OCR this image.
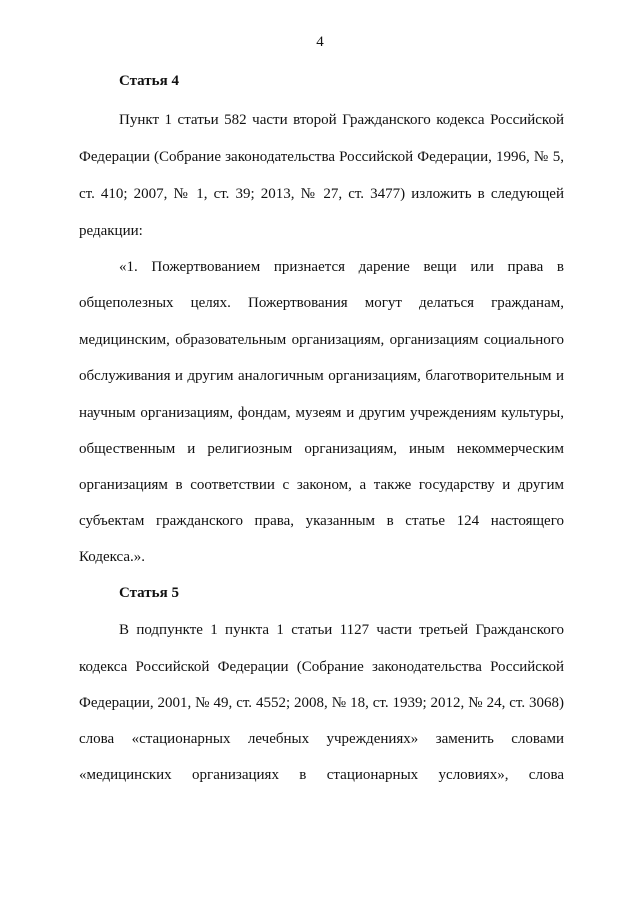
4
Статья 4
Пункт 1 статьи 582 части второй Гражданского кодекса Российской
Федерации (Собрание законодательства Российской Федерации, 1996, № 5,
ст. 410; 2007, № 1, ст. 39; 2013, № 27, ст. 3477) изложить в следующей
редакции:
«1. Пожертвованием признается дарение вещи или права в
общеполезных целях. Пожертвования могут делаться гражданам,
медицинским, образовательным организациям, организациям социального
обслуживания и другим аналогичным организациям, благотворительным и
научным организациям, фондам, музеям и другим учреждениям культуры,
общественным и религиозным организациям, иным некоммерческим
организациям в соответствии с законом, а также государству и другим
субъектам гражданского права, указанным в статье 124 настоящего
Кодекса.».
Статья 5
В подпункте 1 пункта 1 статьи 1127 части третьей Гражданского
кодекса Российской Федерации (Собрание законодательства Российской
Федерации, 2001, № 49, ст. 4552; 2008, № 18, ст. 1939; 2012, № 24, ст. 3068)
слова «стационарных лечебных учреждениях» заменить словами
«медицинских организациях в стационарных условиях», слова
